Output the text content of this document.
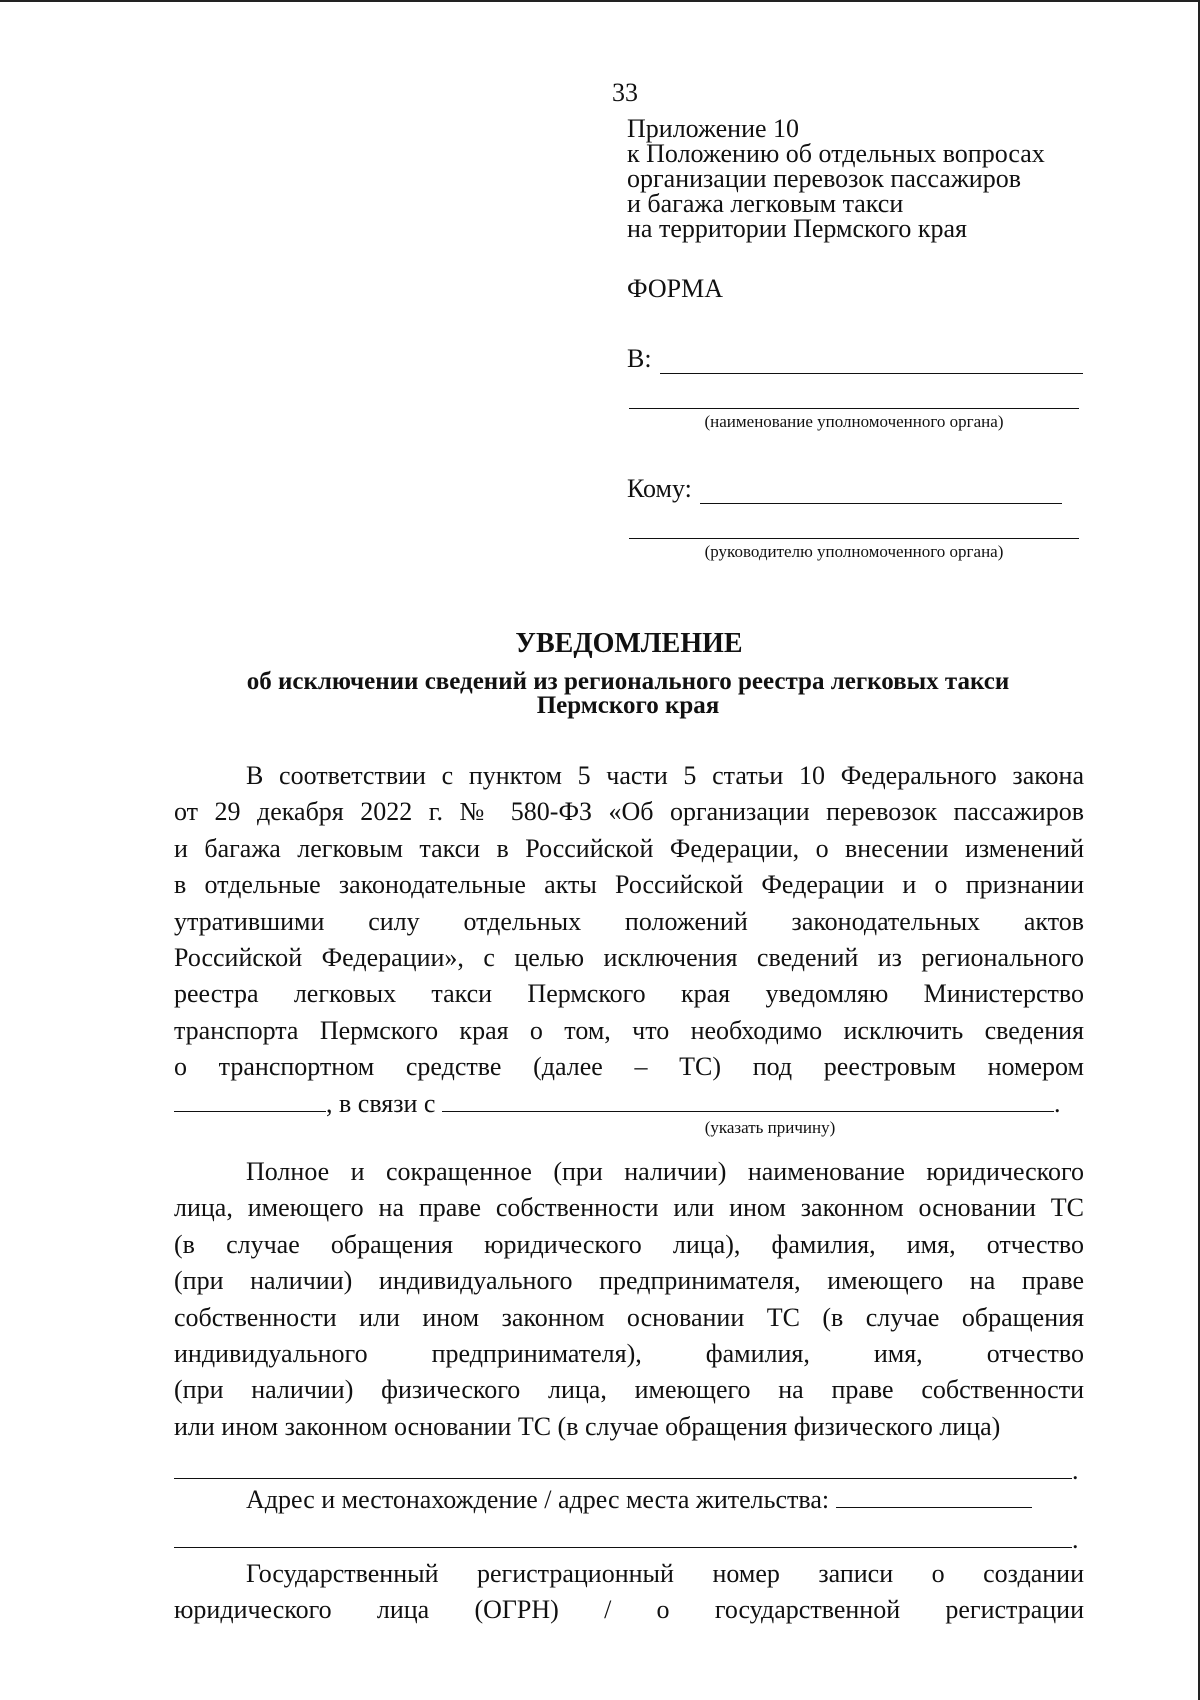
33
Приложение 10
к Положению об отдельных вопросах
организации перевозок пассажиров
и багажа легковым такси
на территории Пермского края
ФОРМА
В:
(наименование уполномоченного органа)
Кому:
(руководителю уполномоченного органа)
УВЕДОМЛЕНИЕ
об исключении сведений из регионального реестра легковых такси
Пермского края
В соответствии с пунктом 5 части 5 статьи 10 Федерального закона
от 29 декабря 2022 г. № 580-ФЗ «Об организации перевозок пассажиров
и багажа легковым такси в Российской Федерации, о внесении изменений
в отдельные законодательные акты Российской Федерации и о признании
утратившими силу отдельных положений законодательных актов
Российской Федерации», с целью исключения сведений из регионального
реестра легковых такси Пермского края уведомляю Министерство
транспорта Пермского края о том, что необходимо исключить сведения
о транспортном средстве (далее – ТС) под реестровым номером
, в связи с	.
(указать причину)
Полное и сокращенное (при наличии) наименование юридического
лица, имеющего на праве собственности или ином законном основании ТС
(в случае обращения юридического лица), фамилия, имя, отчество
(при наличии) индивидуального предпринимателя, имеющего на праве
собственности или ином законном основании ТС (в случае обращения
индивидуального предпринимателя), фамилия, имя, отчество
(при наличии) физического лица, имеющего на праве собственности
или ином законном основании ТС (в случае обращения физического лица)
.
Адрес и местонахождение / адрес места жительства:
.
Государственный регистрационный номер записи о создании
юридического лица (ОГРН) / о государственной регистрации
